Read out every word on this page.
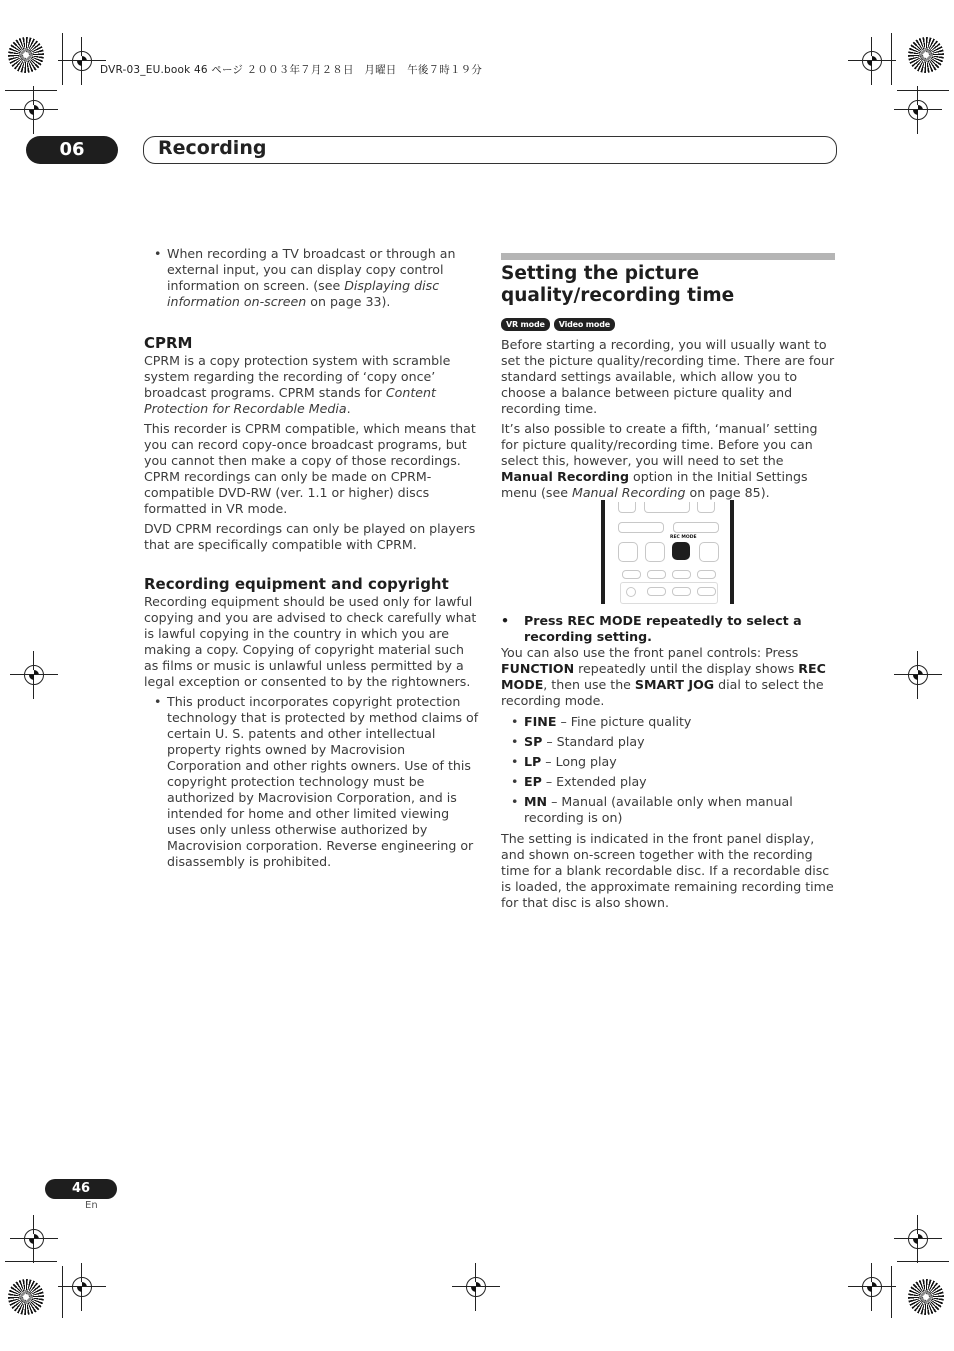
DVR-03_EU.book 46 ページ ２００３年７月２８日　月曜日　午後７時１９分
06	Recording
• When recording a TV broadcast or through an external input, you can display copy control information on screen. (see Displaying disc information on-screen on page 33).
CPRM

CPRM is a copy protection system with scramble system regarding the recording of ‘copy once’ broadcast programs. CPRM stands for Content Protection for Recordable Media.

This recorder is CPRM compatible, which means that you can record copy-once broadcast programs, but you cannot then make a copy of those recordings. CPRM recordings can only be made on CPRM-compatible DVD-RW (ver. 1.1 or higher) discs formatted in VR mode.

DVD CPRM recordings can only be played on players that are specifically compatible with CPRM.

Recording equipment and copyright

Recording equipment should be used only for lawful copying and you are advised to check carefully what is lawful copying in the country in which you are making a copy. Copying of copyright material such as films or music is unlawful unless permitted by a legal exception or consented to by the rightowners.

• This product incorporates copyright protection technology that is protected by method claims of certain U. S. patents and other intellectual property rights owned by Macrovision Corporation and other rights owners. Use of this copyright protection technology must be authorized by Macrovision Corporation, and is intended for home and other limited viewing uses only unless otherwise authorized by Macrovision corporation. Reverse engineering or disassembly is prohibited.
Setting the picture quality/recording time
VR mode Video mode

Before starting a recording, you will usually want to set the picture quality/recording time. There are four standard settings available, which allow you to choose a balance between picture quality and recording time.

It’s also possible to create a fifth, ‘manual’ setting for picture quality/recording time. Before you can select this, however, you will need to set the Manual Recording option in the Initial Settings menu (see Manual Recording on page 85).

REC MODE
• Press REC MODE repeatedly to select a recording setting.

You can also use the front panel controls: Press FUNCTION repeatedly until the display shows REC MODE, then use the SMART JOG dial to select the recording mode.

• FINE – Fine picture quality
• SP – Standard play
• LP – Long play
• EP – Extended play
• MN – Manual (available only when manual recording is on)

The setting is indicated in the front panel display, and shown on-screen together with the recording time for a blank recordable disc. If a recordable disc is loaded, the approximate remaining recording time for that disc is also shown.

46
En
